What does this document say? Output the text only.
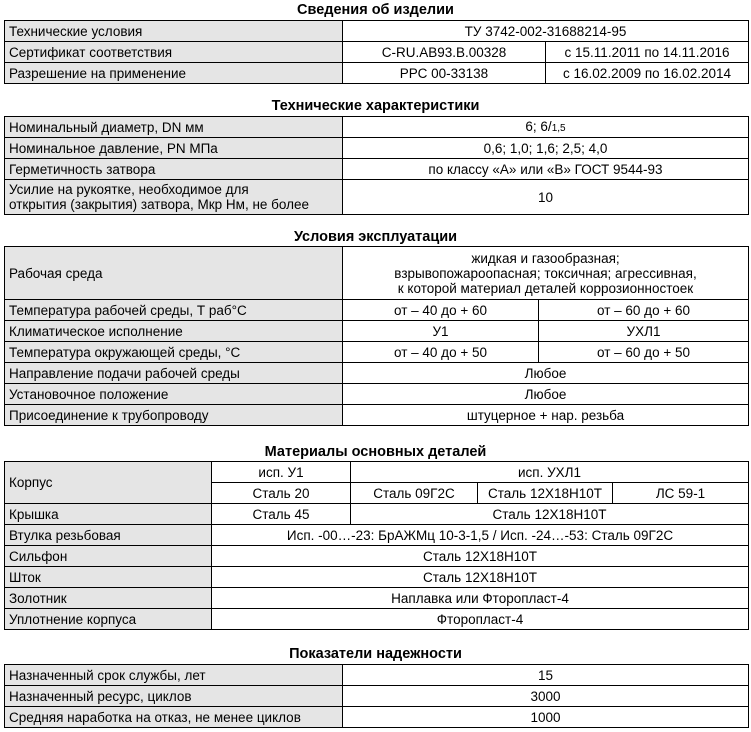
Сведения об изделии
Технические условия	ТУ 3742-002-31688214-95	
Сертификат соответствия	C-RU.AB93.B.00328	с 15.11.2011 по 14.11.2016
Разрешение на применение	РРС 00-33138	с 16.02.2009 по 16.02.2014
Технические характеристики
Номинальный диаметр, DN мм	6; 6/1,5
Номинальное давление, PN МПа	0,6; 1,0; 1,6; 2,5; 4,0
Герметичность затвора	по классу «А» или «В» ГОСТ 9544-93

Усилие на рукоятке, необходимое для
открытия (закрытия) затвора, Мкр Нм, не более	10
Условия эксплуатации
Рабочая среда	жидкая и газообразная;
взрывопожароопасная; токсичная; агрессивная,
к которой материал деталей коррозионностоек	

Температура рабочей среды, Т раб°С	от – 40 до + 60	от – 60 до + 60
Климатическое исполнение	У1	УХЛ1
Температура окружающей среды, °С	от – 40 до + 50	от – 60 до + 50
Направление подачи рабочей среды	Любое	
Установочное положение	Любое	
Присоединение к трубопроводу	штуцерное + нар. резьба	
Материалы основных деталей
Корпус	исп. У1	исп. УХЛ1		
	Сталь 20	Сталь 09Г2С	Сталь 12Х18Н10Т	ЛС 59-1
Крышка	Сталь 45	Сталь 12Х18Н10Т		
Втулка резьбовая	Исп. -00…-23: БрАЖМц 10-3-1,5 / Исп. -24…-53: Сталь 09Г2С			
Сильфон	Сталь 12Х18Н10Т			
Шток	Сталь 12Х18Н10Т			
Золотник	Наплавка или Фторопласт-4			
Уплотнение корпуса	Фторопласт-4			
Показатели надежности
Назначенный срок службы, лет	15
Назначенный ресурс, циклов	3000
Средняя наработка на отказ, не менее циклов	1000
